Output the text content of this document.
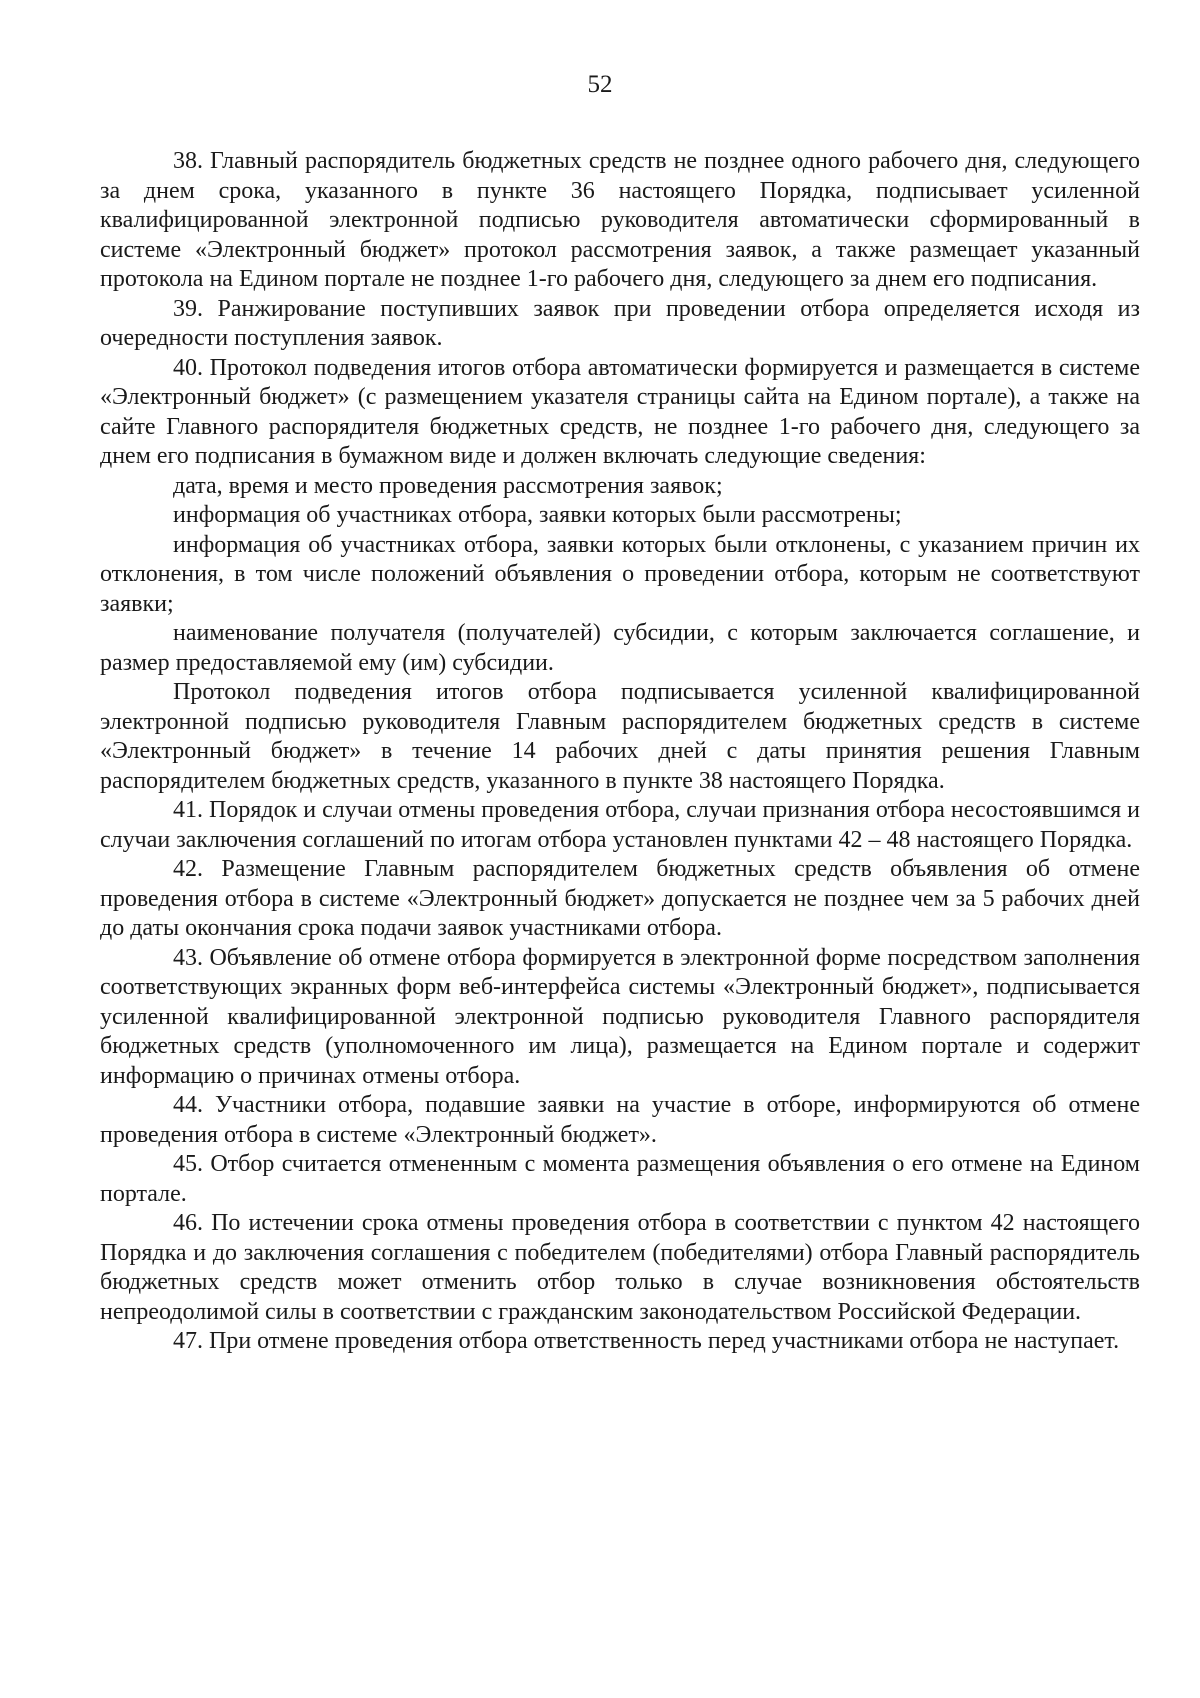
52

38. Главный распорядитель бюджетных средств не позднее одного рабочего дня, следующего за днем срока, указанного в пункте 36 настоящего Порядка, подписывает усиленной квалифицированной электронной подписью руководителя автоматически сформированный в системе «Электронный бюджет» протокол рассмотрения заявок, а также размещает указанный протокола на Едином портале не позднее 1-го рабочего дня, следующего за днем его подписания.

39. Ранжирование поступивших заявок при проведении отбора определяется исходя из очередности поступления заявок.

40. Протокол подведения итогов отбора автоматически формируется и размещается в системе «Электронный бюджет» (с размещением указателя страницы сайта на Едином портале), а также на сайте Главного распорядителя бюджетных средств, не позднее 1-го рабочего дня, следующего за днем его подписания в бумажном виде и должен включать следующие сведения:

дата, время и место проведения рассмотрения заявок;

информация об участниках отбора, заявки которых были рассмотрены;

информация об участниках отбора, заявки которых были отклонены, с указанием причин их отклонения, в том числе положений объявления о проведении отбора, которым не соответствуют заявки;

наименование получателя (получателей) субсидии, с которым заключается соглашение, и размер предоставляемой ему (им) субсидии.

Протокол подведения итогов отбора подписывается усиленной квалифицированной электронной подписью руководителя Главным распорядителем бюджетных средств в системе «Электронный бюджет» в течение 14 рабочих дней с даты принятия решения Главным распорядителем бюджетных средств, указанного в пункте 38 настоящего Порядка.

41. Порядок и случаи отмены проведения отбора, случаи признания отбора несостоявшимся и случаи заключения соглашений по итогам отбора установлен пунктами 42 – 48 настоящего Порядка.

42. Размещение Главным распорядителем бюджетных средств объявления об отмене проведения отбора в системе «Электронный бюджет» допускается не позднее чем за 5 рабочих дней до даты окончания срока подачи заявок участниками отбора.

43. Объявление об отмене отбора формируется в электронной форме посредством заполнения соответствующих экранных форм веб-интерфейса системы «Электронный бюджет», подписывается усиленной квалифицированной электронной подписью руководителя Главного распорядителя бюджетных средств (уполномоченного им лица), размещается на Едином портале и содержит информацию о причинах отмены отбора.

44. Участники отбора, подавшие заявки на участие в отборе, информируются об отмене проведения отбора в системе «Электронный бюджет».

45. Отбор считается отмененным с момента размещения объявления о его отмене на Едином портале.

46. По истечении срока отмены проведения отбора в соответствии с пунктом 42 настоящего Порядка и до заключения соглашения с победителем (победителями) отбора Главный распорядитель бюджетных средств может отменить отбор только в случае возникновения обстоятельств непреодолимой силы в соответствии с гражданским законодательством Российской Федерации.

47. При отмене проведения отбора ответственность перед участниками отбора не наступает.
